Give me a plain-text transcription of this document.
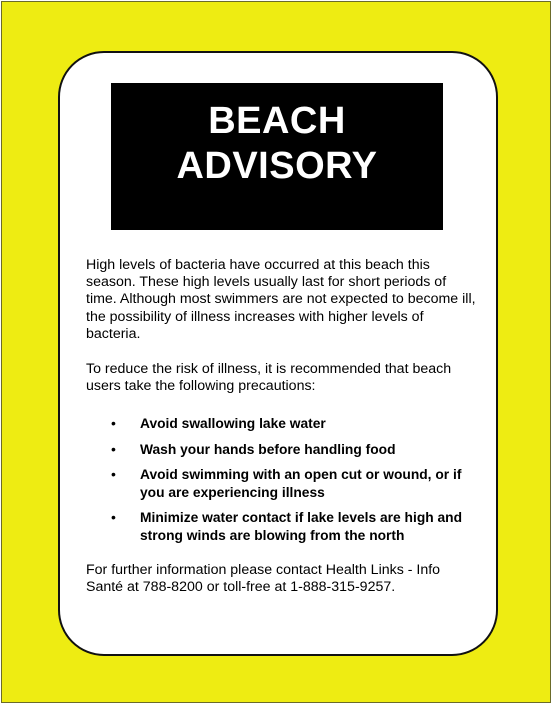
BEACH
ADVISORY

High levels of bacteria have occurred at this beach this season. These high levels usually last for short periods of time. Although most swimmers are not expected to become ill, the possibility of illness increases with higher levels of bacteria.

To reduce the risk of illness, it is recommended that beach users take the following precautions:

• Avoid swallowing lake water
• Wash your hands before handling food
• Avoid swimming with an open cut or wound, or if you are experiencing illness
• Minimize water contact if lake levels are high and strong winds are blowing from the north

For further information please contact Health Links - Info Santé at 788-8200 or toll-free at 1-888-315-9257.
